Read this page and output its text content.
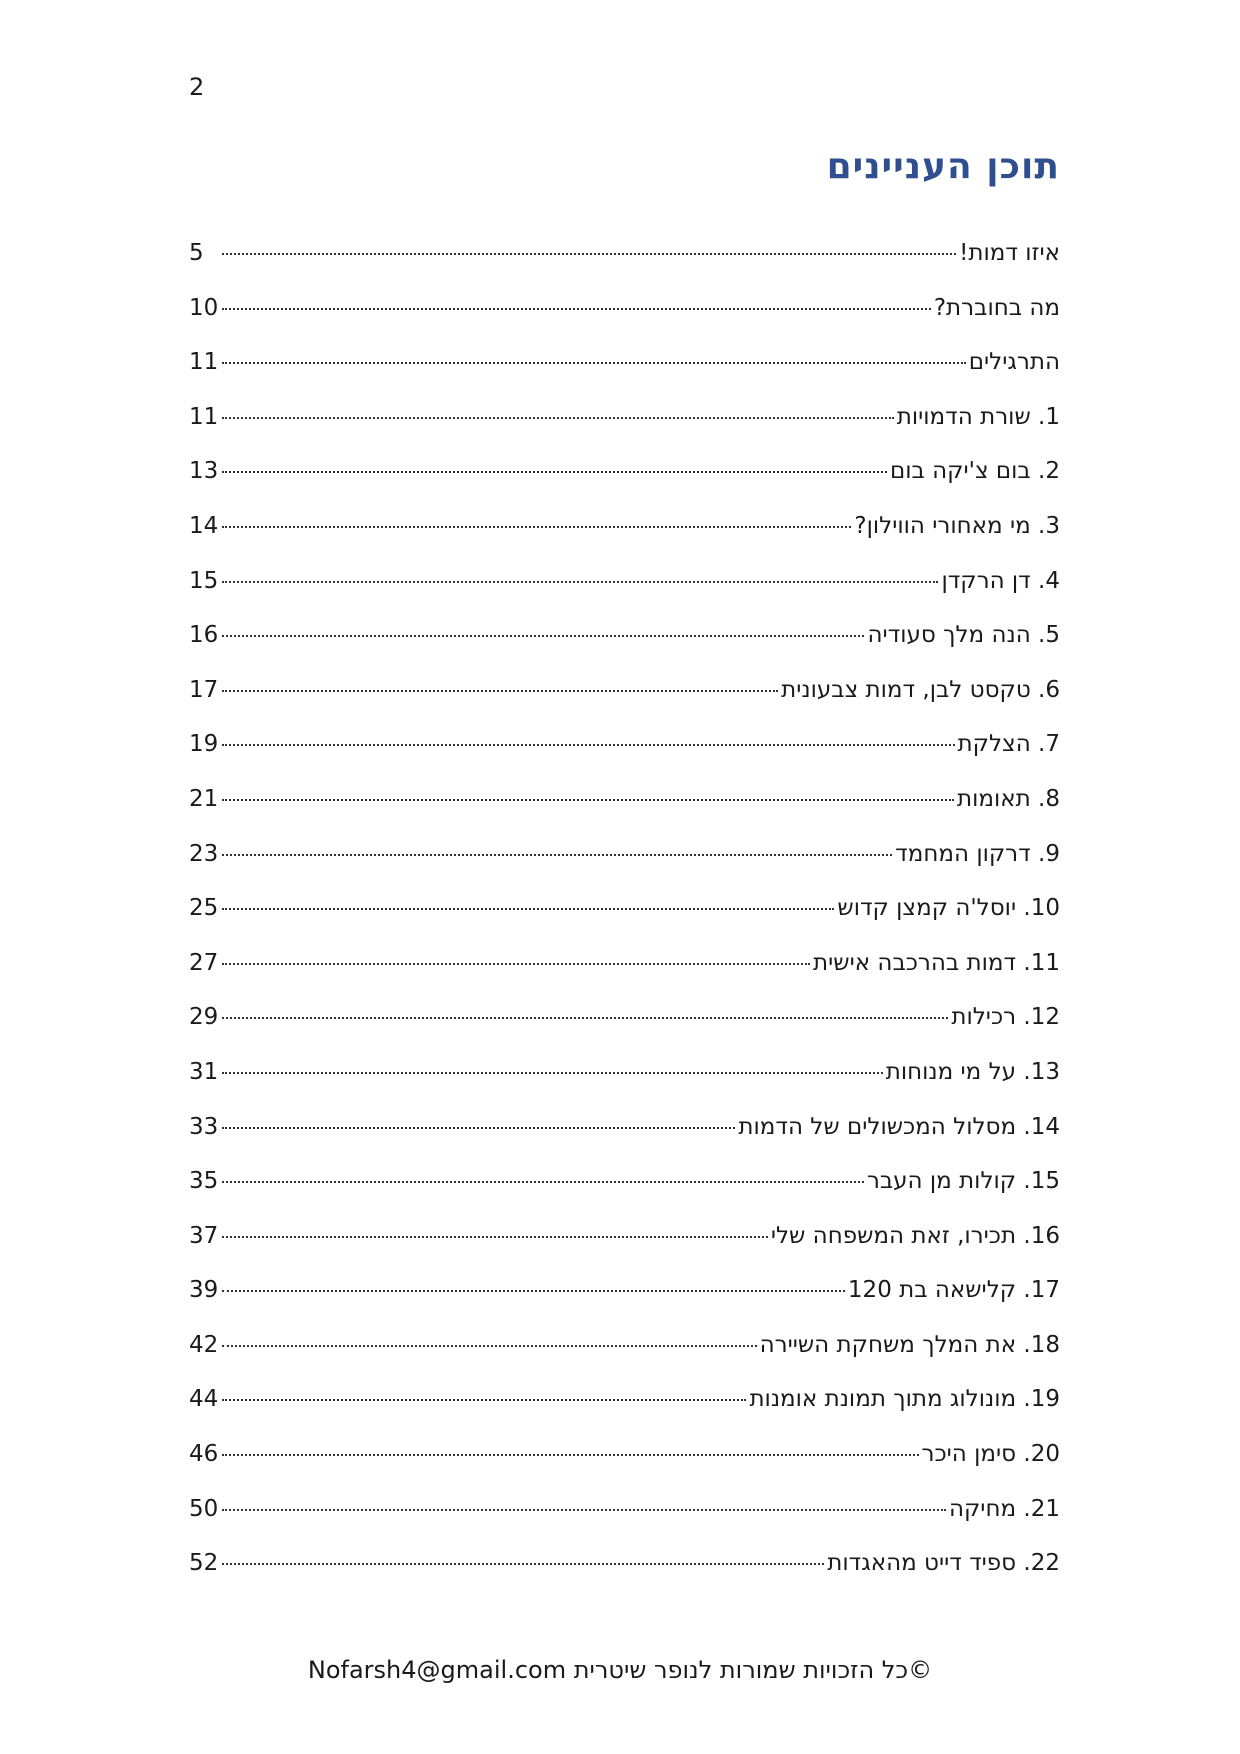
2
תוכן העניינים
איזו דמות!
5
מה בחוברת?
10
התרגילים
11
1. שורת הדמויות
11
2. בום צ'יקה בום
13
3. מי מאחורי הווילון?
14
4. דן הרקדן
15
5. הנה מלך סעודיה
16
6. טקסט לבן, דמות צבעונית
17
7. הצלקת
19
8. תאומות
21
9. דרקון המחמד
23
10. יוסל'ה קמצן קדוש
25
11. דמות בהרכבה אישית
27
12. רכילות
29
13. על מי מנוחות
31
14. מסלול המכשולים של הדמות
33
15. קולות מן העבר
35
16. תכירו, זאת המשפחה שלי
37
17. קלישאה בת 120
39
18. את המלך משחקת השיירה
42
19. מונולוג מתוך תמונת אומנות
44
20. סימן היכר
46
21. מחיקה
50
22. ספיד דייט מהאגדות
52
©כל הזכויות שמורות לנופר שיטרית Nofarsh4@gmail.com
